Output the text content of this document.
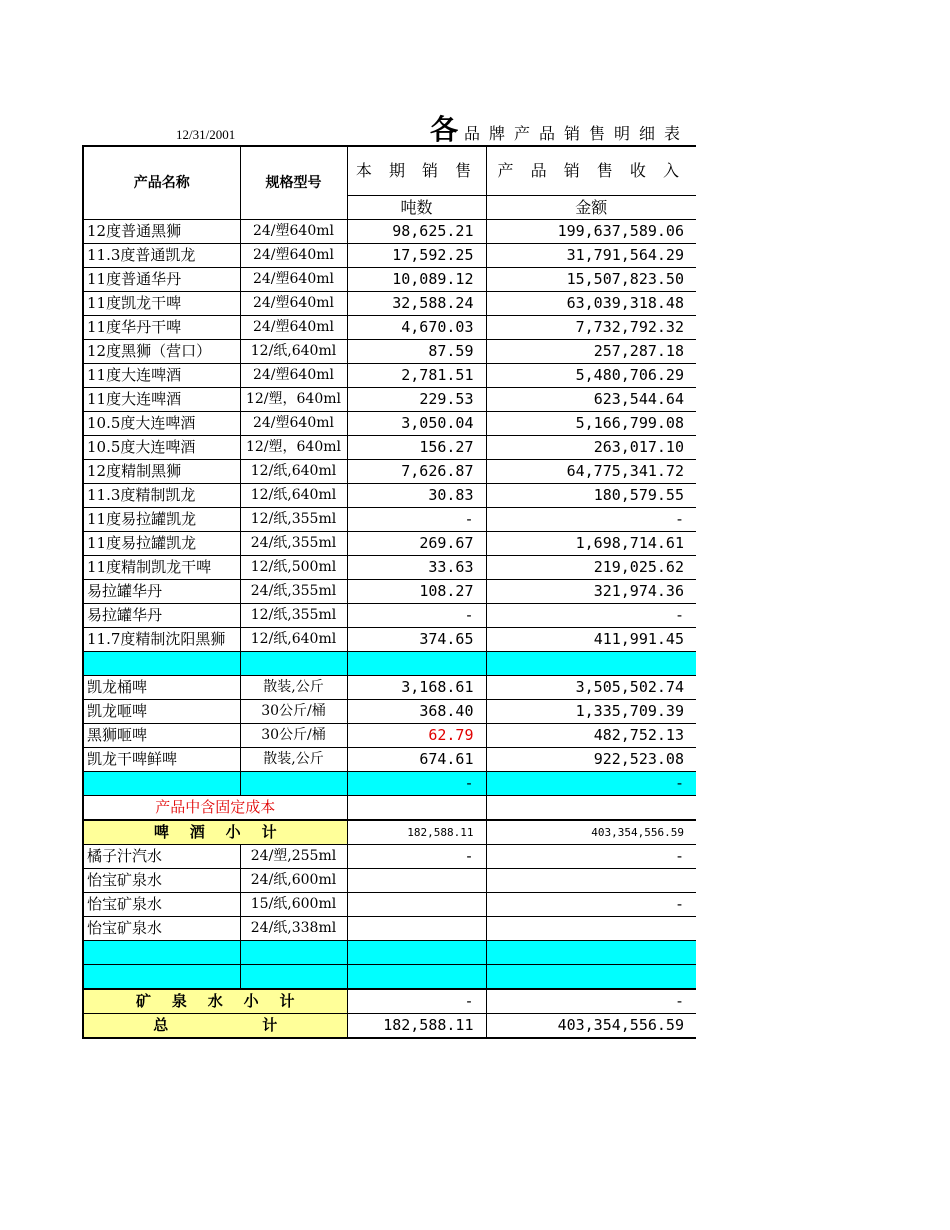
12/31/2001	各品牌产品销售明细表
产品名称	规格型号	本 期 销 售	产 品 销 售 收 入
		吨数	金额
12度普通黑狮	24/塑640ml	98,625.21	199,637,589.06
11.3度普通凯龙	24/塑640ml	17,592.25	31,791,564.29
11度普通华丹	24/塑640ml	10,089.12	15,507,823.50
11度凯龙干啤	24/塑640ml	32,588.24	63,039,318.48
11度华丹干啤	24/塑640ml	4,670.03	7,732,792.32
12度黑狮（营口）	12/纸,640ml	87.59	257,287.18
11度大连啤酒	24/塑640ml	2,781.51	5,480,706.29
11度大连啤酒	12/塑，640ml	229.53	623,544.64
10.5度大连啤酒	24/塑640ml	3,050.04	5,166,799.08
10.5度大连啤酒	12/塑，640ml	156.27	263,017.10
12度精制黑狮	12/纸,640ml	7,626.87	64,775,341.72
11.3度精制凯龙	12/纸,640ml	30.83	180,579.55
11度易拉罐凯龙	12/纸,355ml	-	-
11度易拉罐凯龙	24/纸,355ml	269.67	1,698,714.61
11度精制凯龙干啤	12/纸,500ml	33.63	219,025.62
易拉罐华丹	24/纸,355ml	108.27	321,974.36
易拉罐华丹	12/纸,355ml	-	-
11.7度精制沈阳黑狮	12/纸,640ml	374.65	411,991.45

凯龙桶啤	散装,公斤	3,168.61	3,505,502.74
凯龙咂啤	30公斤/桶	368.40	1,335,709.39
黑狮咂啤	30公斤/桶	62.79	482,752.13
凯龙干啤鲜啤	散装,公斤	674.61	922,523.08
		-	-
产品中含固定成本			
啤    酒    小    计		182,588.11	403,354,556.59
橘子汁汽水	24/塑,255ml	-	-
怡宝矿泉水	24/纸,600ml		
怡宝矿泉水	15/纸,600ml		-
怡宝矿泉水	24/纸,338ml		

矿    泉    水    小    计		-	-
总                  计		182,588.11	403,354,556.59
